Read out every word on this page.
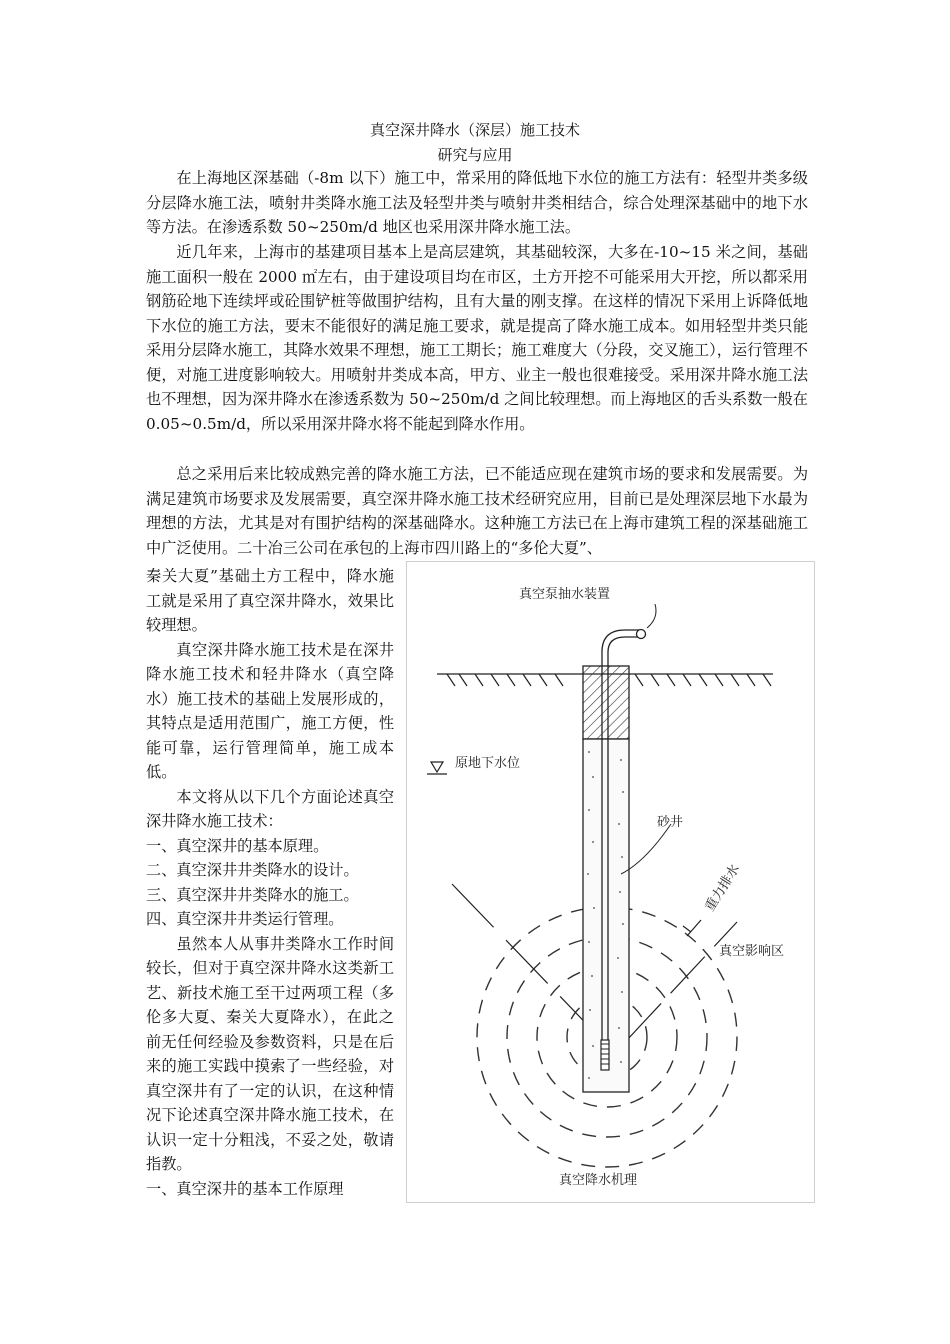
真空深井降水（深层）施工技术
研究与应用

在上海地区深基础（-8m 以下）施工中，常采用的降低地下水位的施工方法有：轻型井类多级分层降水施工法，喷射井类降水施工法及轻型井类与喷射井类相结合，综合处理深基础中的地下水等方法。在渗透系数 50~250m/d 地区也采用深井降水施工法。

近几年来，上海市的基建项目基本上是高层建筑，其基础较深，大多在-10~15 米之间，基础施工面积一般在 2000 ㎡左右，由于建设项目均在市区，土方开挖不可能采用大开挖，所以都采用钢筋砼地下连续坪或砼围铲桩等做围护结构，且有大量的刚支撑。在这样的情况下采用上诉降低地下水位的施工方法，要末不能很好的满足施工要求，就是提高了降水施工成本。如用轻型井类只能采用分层降水施工，其降水效果不理想，施工工期长；施工难度大（分段，交叉施工），运行管理不便，对施工进度影响较大。用喷射井类成本高，甲方、业主一般也很难接受。采用深井降水施工法也不理想，因为深井降水在渗透系数为 50~250m/d 之间比较理想。而上海地区的舌头系数一般在 0.05~0.5m/d，所以采用深井降水将不能起到降水作用。

总之采用后来比较成熟完善的降水施工方法，已不能适应现在建筑市场的要求和发展需要。为满足建筑市场要求及发展需要，真空深井降水施工技术经研究应用，目前已是处理深层地下水最为理想的方法，尤其是对有围护结构的深基础降水。这种施工方法已在上海市建筑工程的深基础施工中广泛使用。二十冶三公司在承包的上海市四川路上的“多伦大夏”、

秦关大夏”基础土方工程中，降水施工就是采用了真空深井降水，效果比较理想。

真空深井降水施工技术是在深井降水施工技术和轻井降水（真空降水）施工技术的基础上发展形成的，其特点是适用范围广，施工方便，性能可靠，运行管理简单，施工成本低。

本文将从以下几个方面论述真空深井降水施工技术：

一、真空深井的基本原理。

二、真空深井井类降水的设计。

三、真空深井井类降水的施工。

四、真空深井井类运行管理。

虽然本人从事井类降水工作时间较长，但对于真空深井降水这类新工艺、新技术施工至干过两项工程（多伦多大夏、秦关大夏降水），在此之前无任何经验及参数资料，只是在后来的施工实践中摸索了一些经验，对真空深井有了一定的认识，在这种情况下论述真空深井降水施工技术，在认识一定十分粗浅，不妥之处，敬请指教。

一、真空深井的基本工作原理

真空泵抽水装置
原地下水位
砂井
重力排水
真空影响区
真空降水机理
